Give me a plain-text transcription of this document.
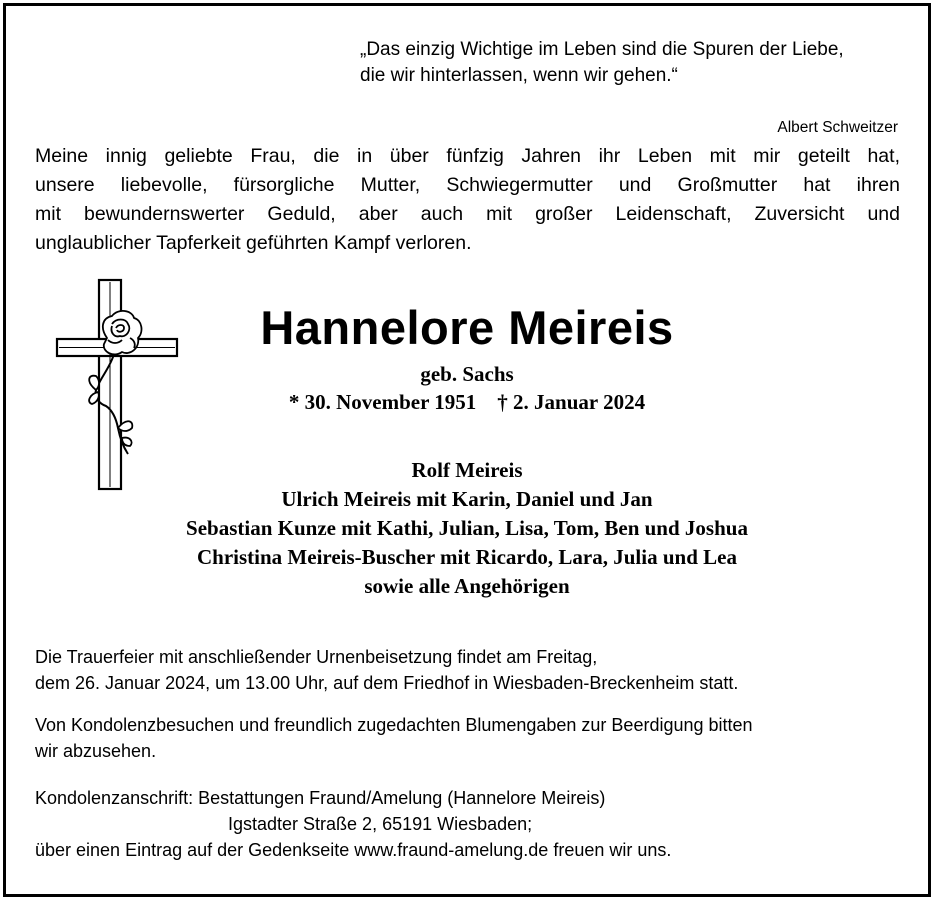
„Das einzig Wichtige im Leben sind die Spuren der Liebe,
die wir hinterlassen, wenn wir gehen.“
Albert Schweitzer
Meine innig geliebte Frau, die in über fünfzig Jahren ihr Leben mit mir geteilt hat,
unsere liebevolle, fürsorgliche Mutter, Schwiegermutter und Großmutter hat ihren
mit bewundernswerter Geduld, aber auch mit großer Leidenschaft, Zuversicht und
unglaublicher Tapferkeit geführten Kampf verloren.
Hannelore Meireis
geb. Sachs
* 30. November 1951    † 2. Januar 2024
Rolf Meireis
Ulrich Meireis mit Karin, Daniel und Jan
Sebastian Kunze mit Kathi, Julian, Lisa, Tom, Ben und Joshua
Christina Meireis-Buscher mit Ricardo, Lara, Julia und Lea
sowie alle Angehörigen
Die Trauerfeier mit anschließender Urnenbeisetzung findet am Freitag,
dem 26. Januar 2024, um 13.00 Uhr, auf dem Friedhof in Wiesbaden-Breckenheim statt.
Von Kondolenzbesuchen und freundlich zugedachten Blumengaben zur Beerdigung bitten
wir abzusehen.
Kondolenzanschrift: Bestattungen Fraund/Amelung (Hannelore Meireis)
Igstadter Straße 2, 65191 Wiesbaden;
über einen Eintrag auf der Gedenkseite www.fraund-amelung.de freuen wir uns.
